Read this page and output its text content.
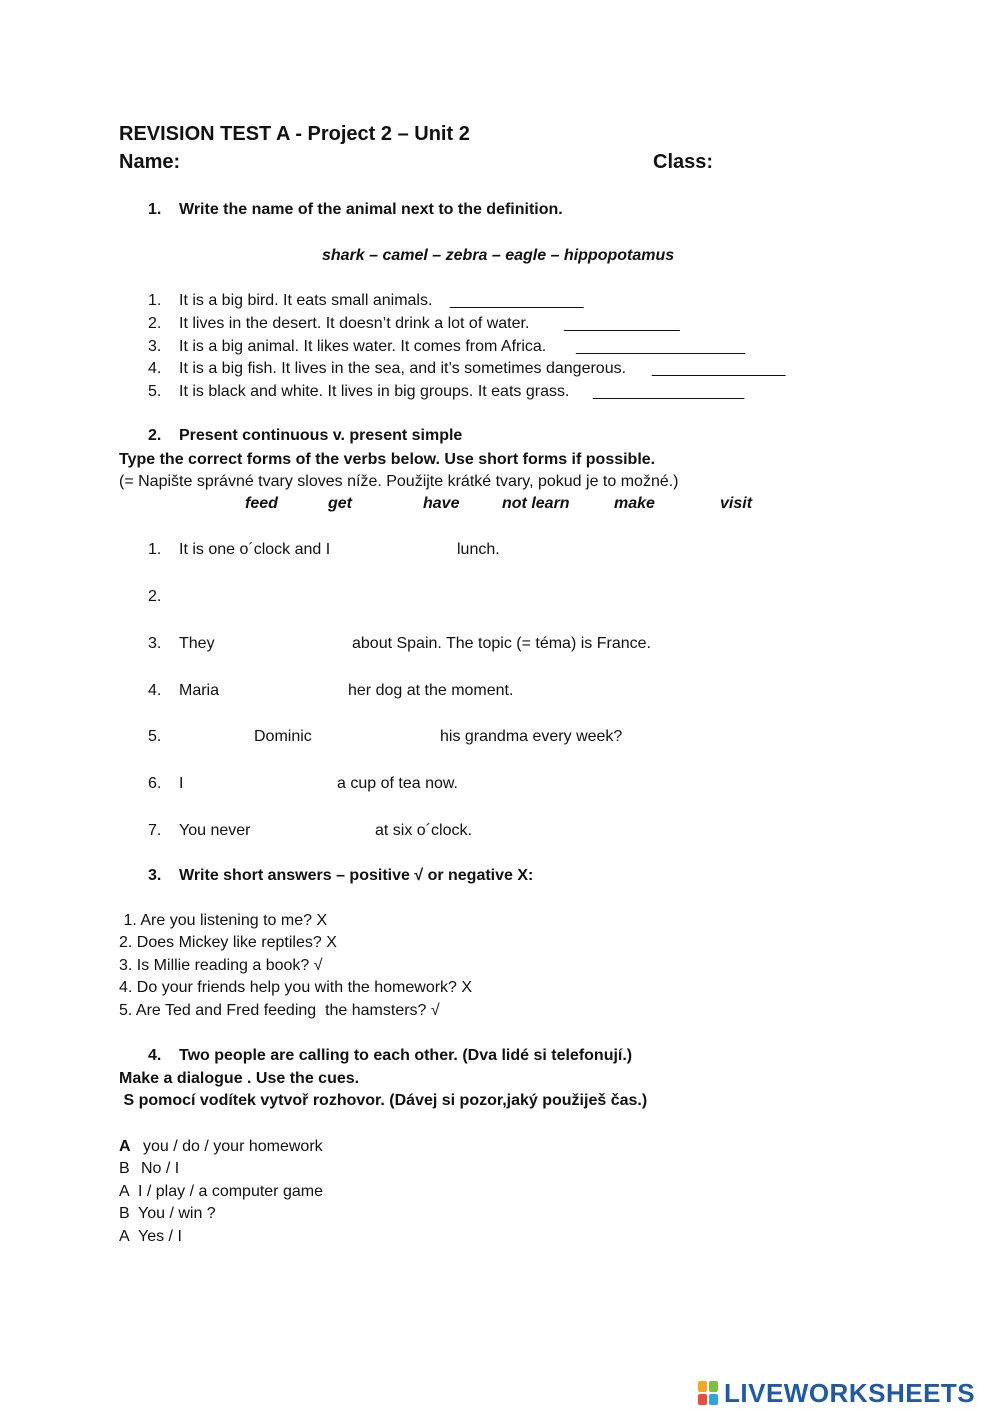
REVISION TEST A - Project 2 – Unit 2
Name:	Class:
1. Write the name of the animal next to the definition.
shark – camel – zebra – eagle – hippopotamus
1. It is a big bird. It eats small animals. _______________
2. It lives in the desert. It doesn’t drink a lot of water. _____________
3. It is a big animal. It likes water. It comes from Africa. ___________________
4. It is a big fish. It lives in the sea, and it’s sometimes dangerous. _______________
5. It is black and white. It lives in big groups. It eats grass. _________________
2. Present continuous v. present simple
Type the correct forms of the verbs below. Use short forms if possible.
(= Napište správné tvary sloves níže. Použijte krátké tvary, pokud je to možné.)
feed	get	have	not learn	make	visit
1. It is one o´clock and I	lunch.
2.
3. They	about Spain. The topic (= téma) is France.
4. Maria	her dog at the moment.
5.	Dominic	his grandma every week?
6. I	a cup of tea now.
7. You never	at six o´clock.
3. Write short answers – positive √ or negative X:
1. Are you listening to me? X
2. Does Mickey like reptiles? X
3. Is Millie reading a book? √
4. Do your friends help you with the homework? X
5. Are Ted and Fred feeding  the hamsters? √
4. Two people are calling to each other. (Dva lidé si telefonují.)
Make a dialogue . Use the cues.
S pomocí vodítek vytvoř rozhovor. (Dávej si pozor,jaký použiješ čas.)
A you / do / your homework
B No / I
A I / play / a computer game
B You / win ?
A Yes / I
LIVEWORKSHEETS
